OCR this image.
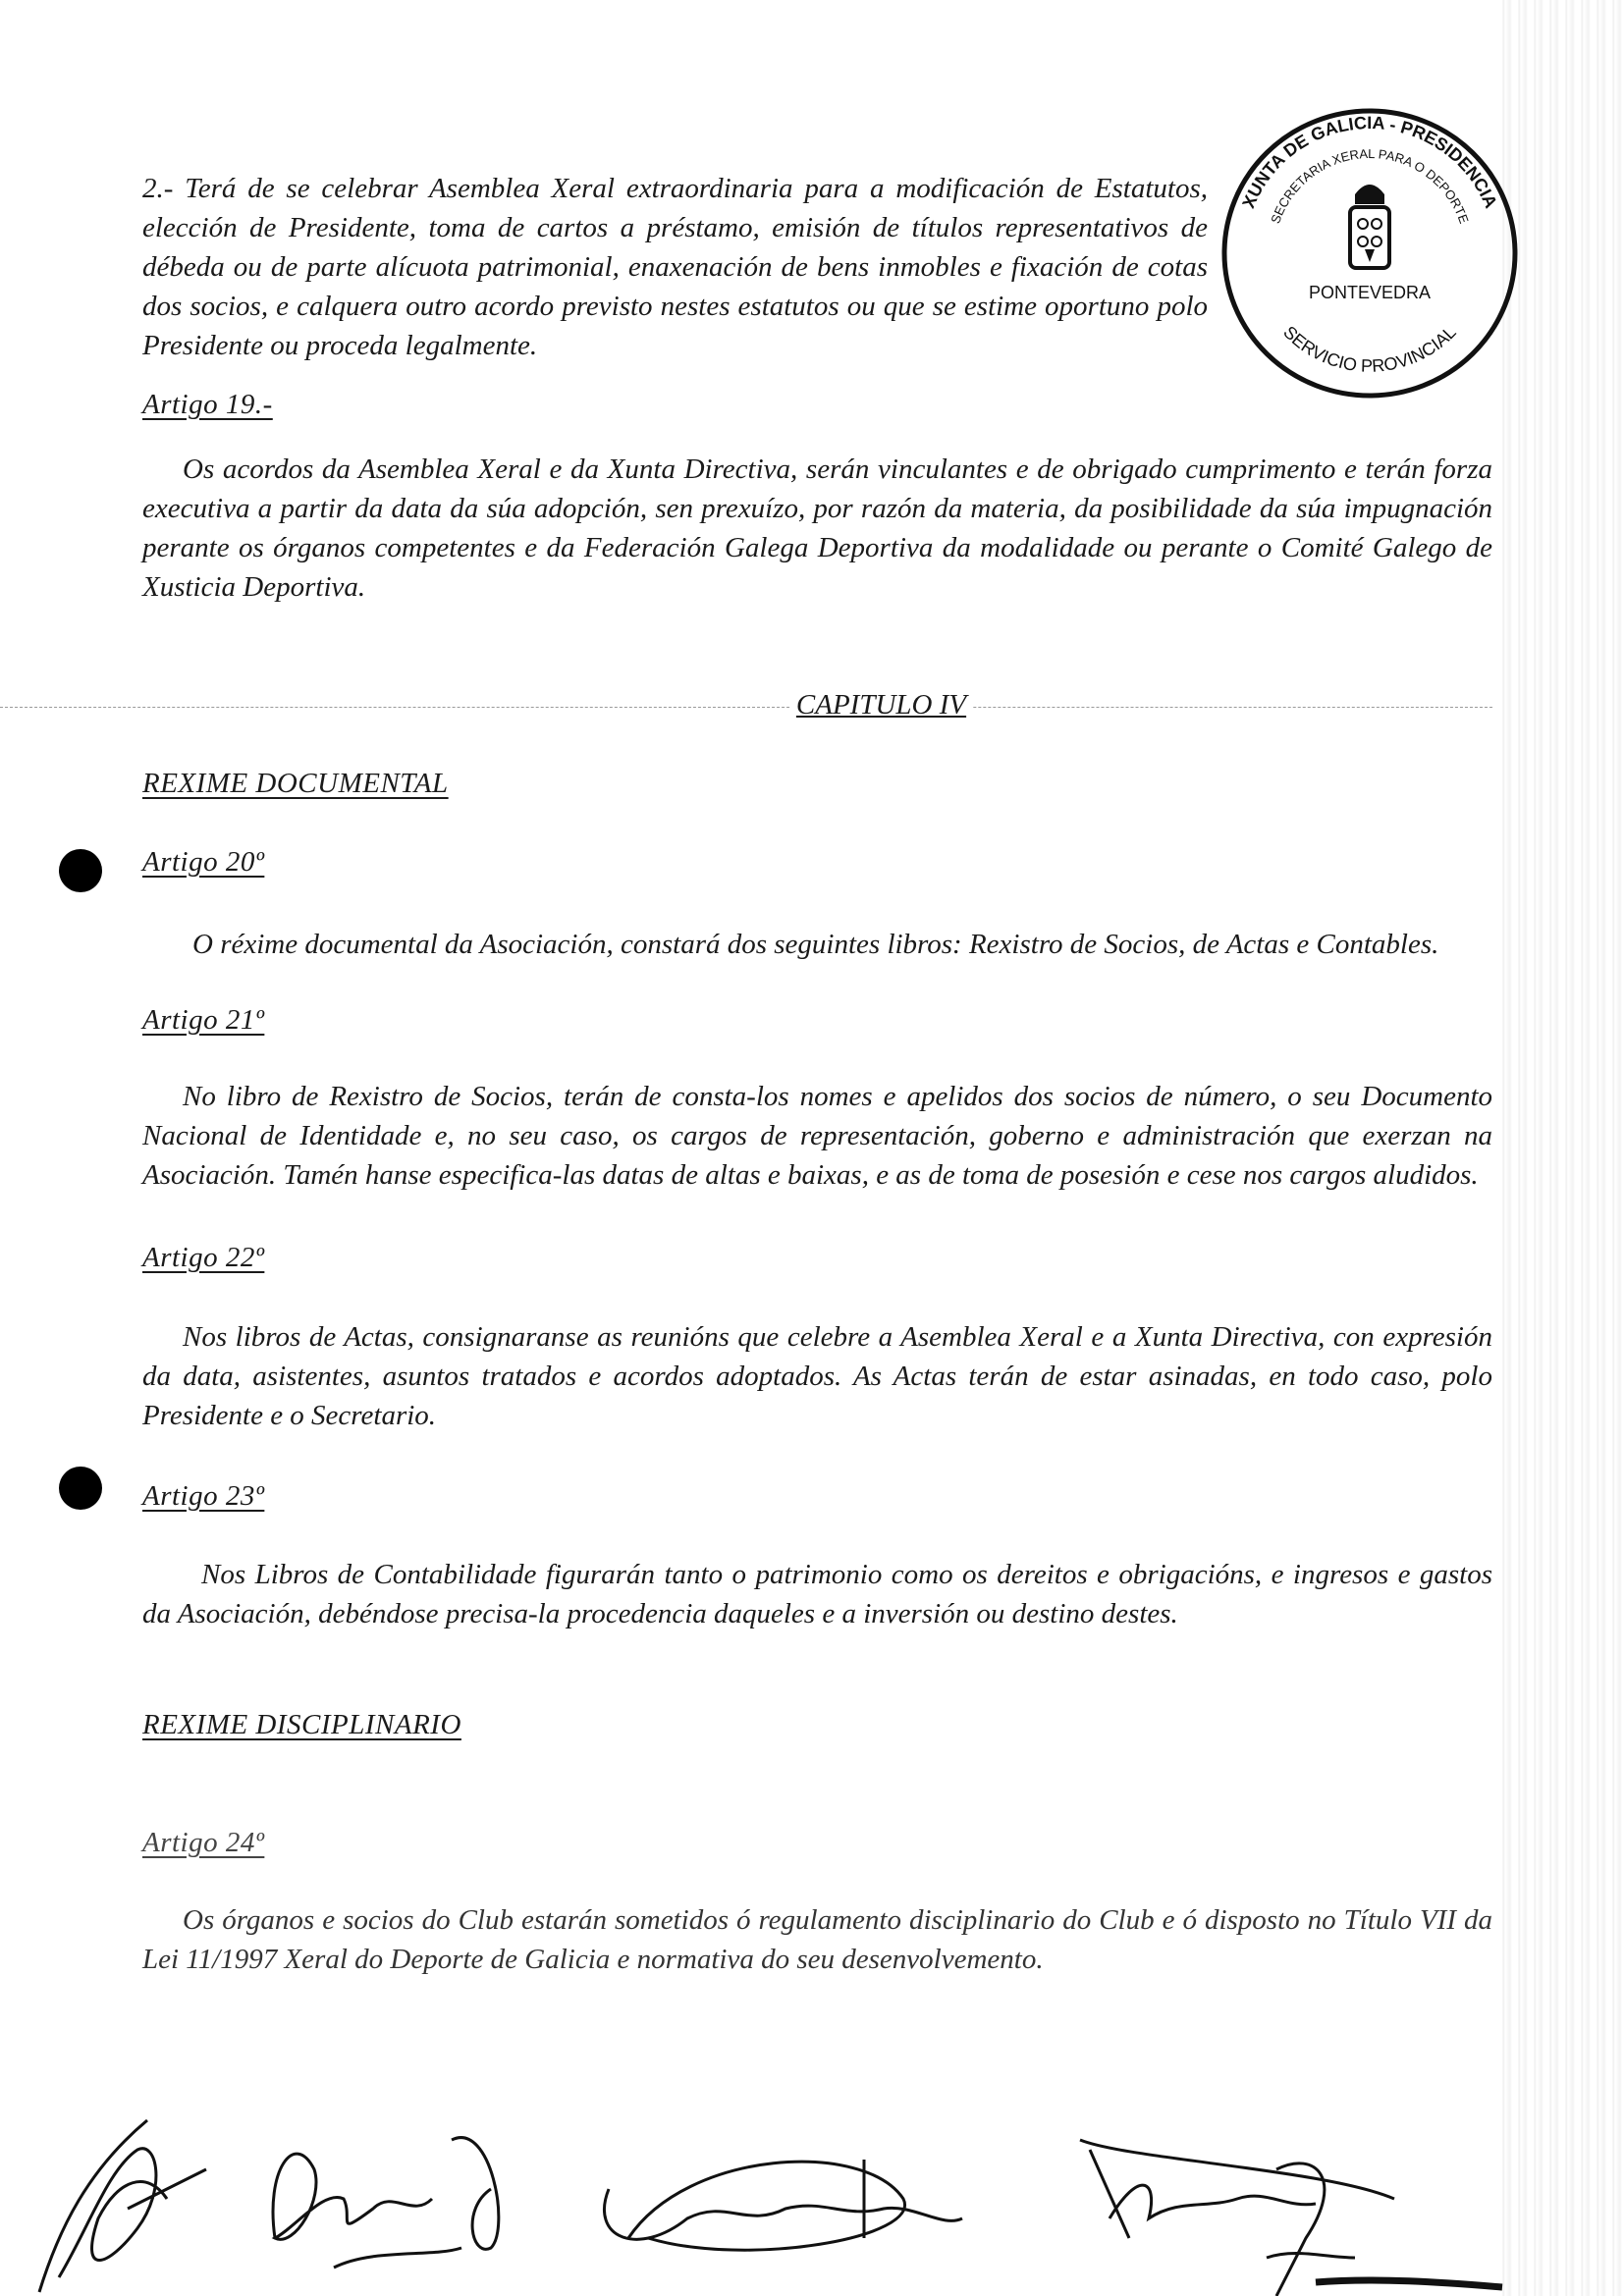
2.- Terá de se celebrar Asemblea Xeral extraordinaria para a modificación de Estatutos, elección de Presidente, toma de cartos a préstamo, emisión de títulos representativos de débeda ou de parte alícuota patrimonial, enaxenación de bens inmobles e fixación de cotas dos socios, e calquera outro acordo previsto nestes estatutos ou que se estime oportuno polo Presidente ou proceda legalmente.

Artigo 19.-

Os acordos da Asemblea Xeral e da Xunta Directiva, serán vinculantes e de obrigado cumprimento e terán forza executiva a partir da data da súa adopción, sen prexuízo, por razón da materia, da posibilidade da súa impugnación perante os órganos competentes e da Federación Galega Deportiva da modalidade ou perante o Comité Galego de Xusticia Deportiva.

CAPITULO IV
REXIME DOCUMENTAL
Artigo 20º

O réxime documental da Asociación, constará dos seguintes libros: Rexistro de Socios, de Actas e Contables.

Artigo 21º

No libro de Rexistro de Socios, terán de consta-los nomes e apelidos dos socios de número, o seu Documento Nacional de Identidade e, no seu caso, os cargos de representación, goberno e administración que exerzan na Asociación. Tamén hanse especifica-las datas de altas e baixas, e as de toma de posesión e cese nos cargos aludidos.

Artigo 22º

Nos libros de Actas, consignaranse as reunións que celebre a Asemblea Xeral e a Xunta Directiva, con expresión da data, asistentes, asuntos tratados e acordos adoptados. As Actas terán de estar asinadas, en todo caso, polo Presidente e o Secretario.

Artigo 23º

Nos Libros de Contabilidade figurarán tanto o patrimonio como os dereitos e obrigacións, e ingresos e gastos da Asociación, debéndose precisa-la procedencia daqueles e a inversión ou destino destes.

REXIME DISCIPLINARIO
Artigo 24º

Os órganos e socios do Club estarán sometidos ó regulamento disciplinario do Club e ó disposto no Título VII da Lei 11/1997 Xeral do Deporte de Galicia e normativa do seu desenvolvemento.

XUNTA DE GALICIA - PRESIDENCIA
SECRETARIA XERAL PARA O DEPORTE
PONTEVEDRA
SERVICIO PROVINCIAL
